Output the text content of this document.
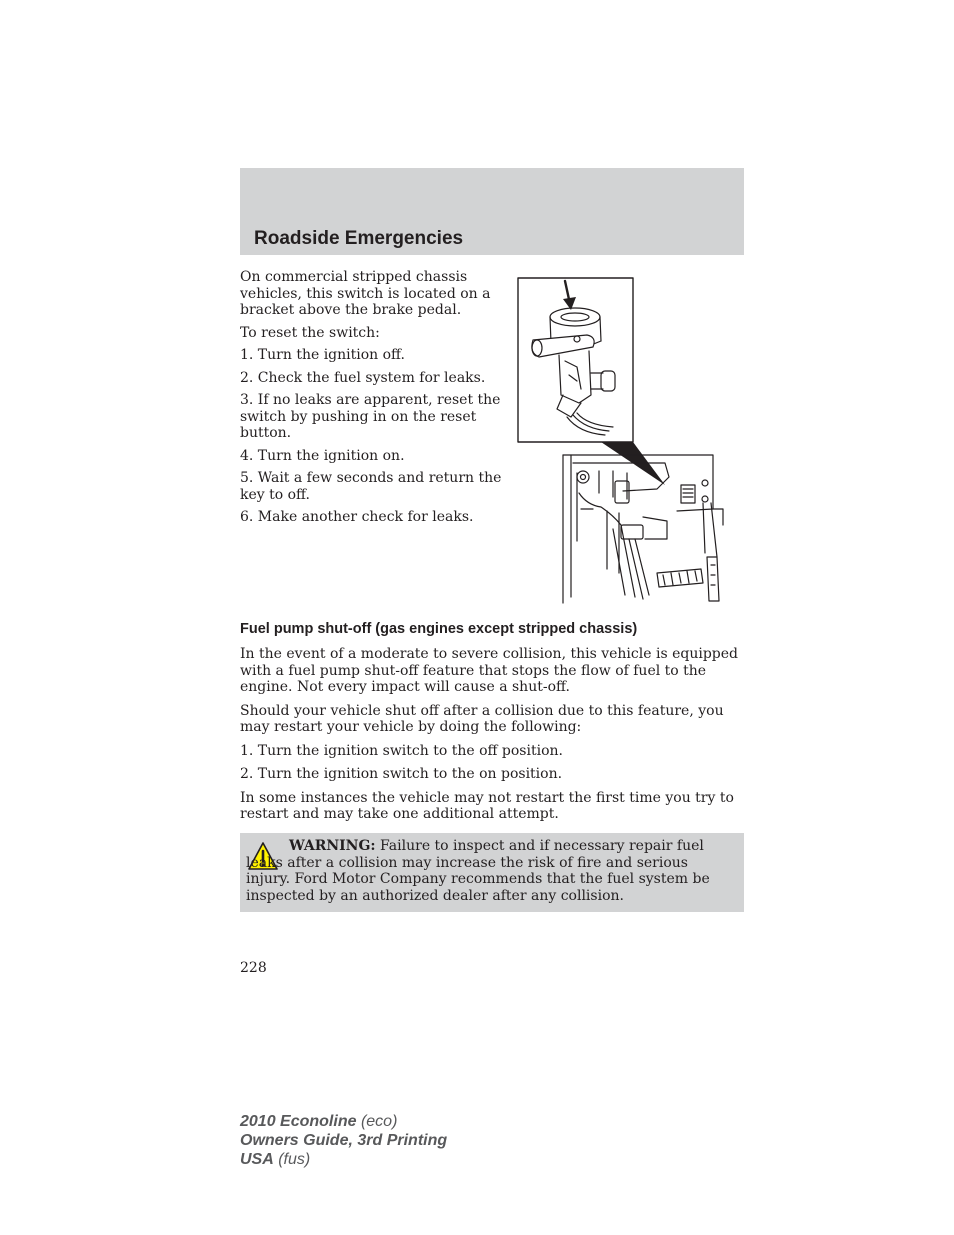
Roadside Emergencies

On commercial stripped chassis vehicles, this switch is located on a bracket above the brake pedal.

To reset the switch:

1. Turn the ignition off.

2. Check the fuel system for leaks.

3. If no leaks are apparent, reset the switch by pushing in on the reset button.

4. Turn the ignition on.

5. Wait a few seconds and return the key to off.

6. Make another check for leaks.

Fuel pump shut-off (gas engines except stripped chassis)

In the event of a moderate to severe collision, this vehicle is equipped with a fuel pump shut-off feature that stops the flow of fuel to the engine. Not every impact will cause a shut-off.

Should your vehicle shut off after a collision due to this feature, you may restart your vehicle by doing the following:

1. Turn the ignition switch to the off position.

2. Turn the ignition switch to the on position.

In some instances the vehicle may not restart the first time you try to restart and may take one additional attempt.

WARNING: Failure to inspect and if necessary repair fuel leaks after a collision may increase the risk of fire and serious injury. Ford Motor Company recommends that the fuel system be inspected by an authorized dealer after any collision.
228
2010 Econoline (eco)
Owners Guide, 3rd Printing
USA (fus)
